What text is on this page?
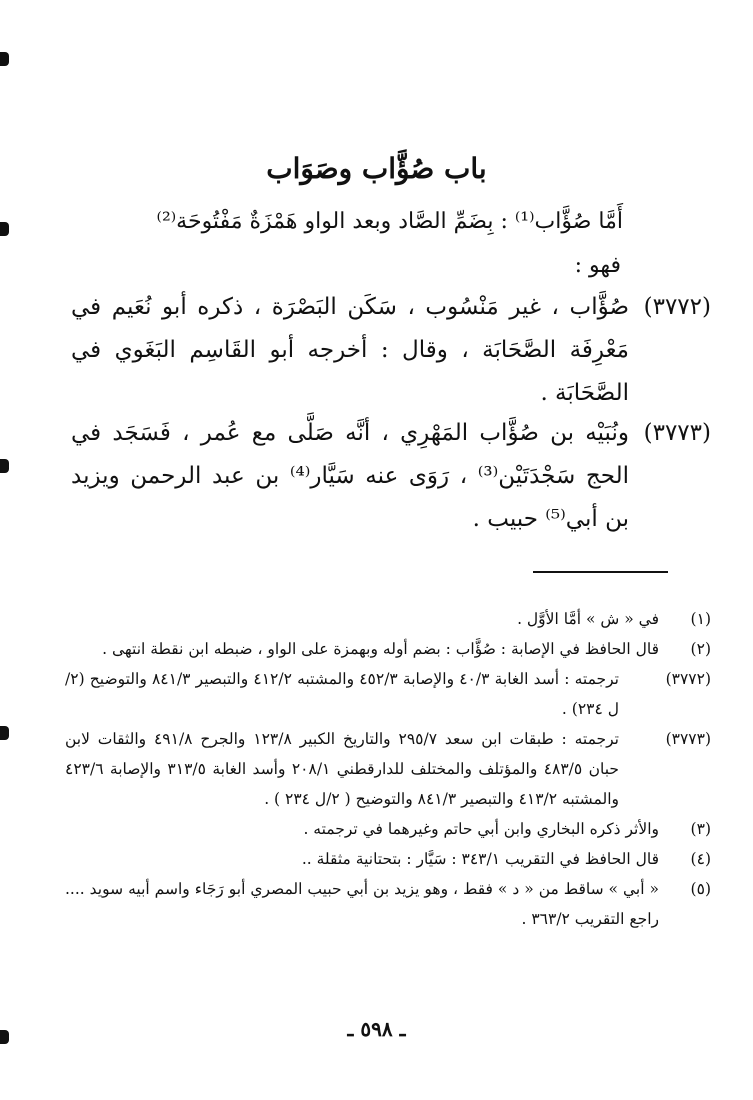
باب صُؤَّاب وصَوَاب
أَمَّا صُؤَّاب⁽¹⁾ : بِضَمِّ الصَّاد وبعد الواو هَمْزَةٌ مَفْتُوحَة⁽²⁾
فهو :
(٣٧٧٢)
صُؤَّاب ، غير مَنْسُوب ، سَكَن البَصْرَة ، ذكره أبو نُعَيم في مَعْرِفَة الصَّحَابَة ، وقال : أخرجه أبو القَاسِم البَغَوي في الصَّحَابَة .
(٣٧٧٣)
ونُبَيْه بن صُؤَّاب المَهْرِي ، أنَّه صَلَّى مع عُمر ، فَسَجَد في الحج سَجْدَتَيْن⁽³⁾ ، رَوَى عنه سَيَّار⁽⁴⁾ بن عبد الرحمن ويزيد بن أبي⁽⁵⁾ حبيب .
(١)
في « ش » أمَّا الأوَّل .
(٢)
قال الحافظ في الإصابة : صُؤَّاب : بضم أوله وبهمزة على الواو ، ضبطه ابن نقطة انتهى .
(٣٧٧٢)
ترجمته : أسد الغابة ٤٠/٣ والإصابة ٤٥٢/٣ والمشتبه ٤١٢/٢ والتبصير ٨٤١/٣ والتوضيح (٢/ ل ٢٣٤) .
(٣٧٧٣)
ترجمته : طبقات ابن سعد ٢٩٥/٧ والتاريخ الكبير ١٢٣/٨ والجرح ٤٩١/٨ والثقات لابن حبان ٤٨٣/٥ والمؤتلف والمختلف للدارقطني ٢٠٨/١ وأسد الغابة ٣١٣/٥ والإصابة ٤٢٣/٦ والمشتبه ٤١٣/٢ والتبصير ٨٤١/٣ والتوضيح ( ٢/ل ٢٣٤ ) .
(٣)
والأثر ذكره البخاري وابن أبي حاتم وغيرهما في ترجمته .
(٤)
قال الحافظ في التقريب ٣٤٣/١ : سَيَّار : بتحتانية مثقلة ..
(٥)
« أبي » ساقط من « د » فقط ، وهو يزيد بن أبي حبيب المصري أبو رَجَاء واسم أبيه سويد .... راجع التقريب ٣٦٣/٢ .
ـ ٥٩٨ ـ
